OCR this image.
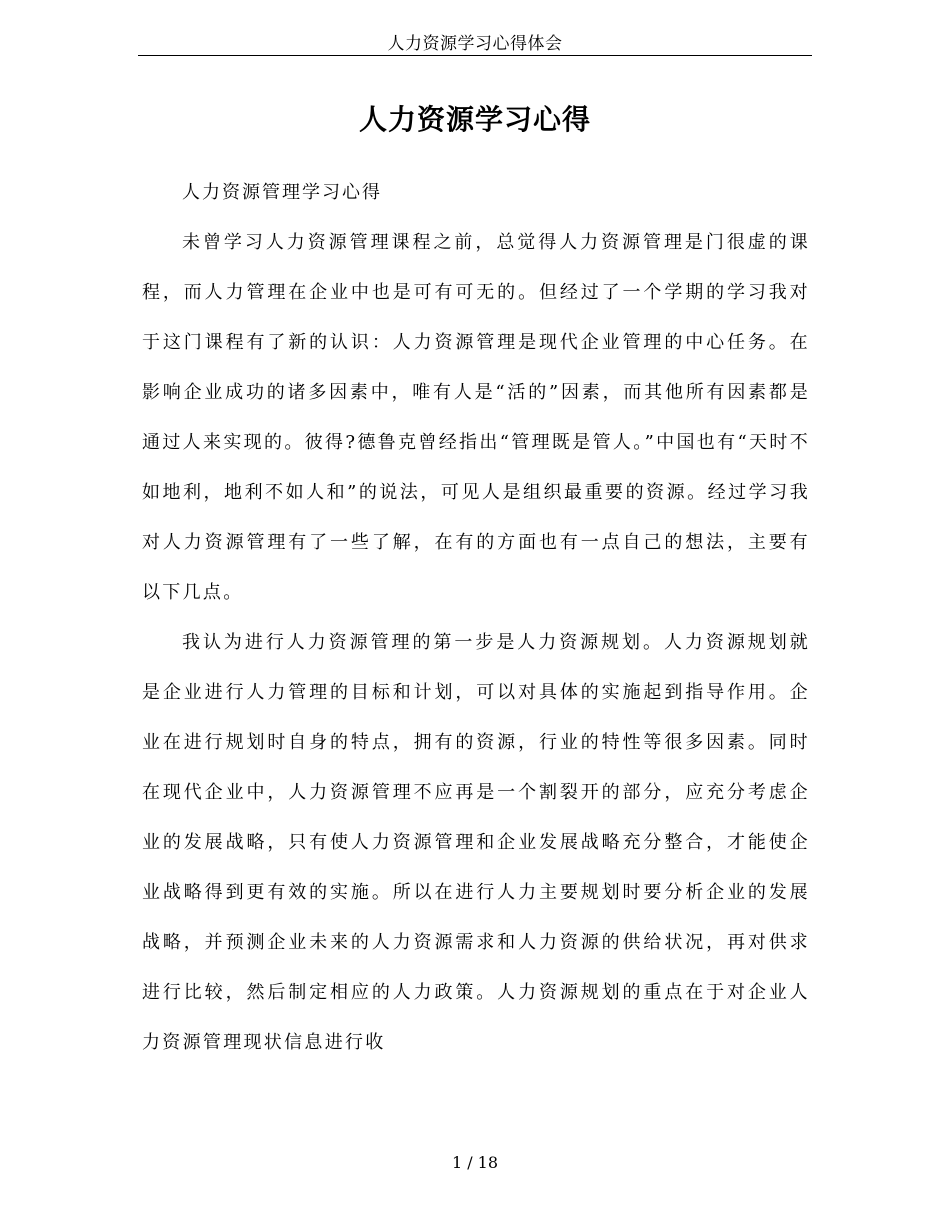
人力资源学习心得体会
人力资源学习心得

人力资源管理学习心得

未曾学习人力资源管理课程之前，总觉得人力资源管理是门很虚的课程，而人力管理在企业中也是可有可无的。但经过了一个学期的学习我对于这门课程有了新的认识：人力资源管理是现代企业管理的中心任务。在影响企业成功的诸多因素中，唯有人是“活的”因素，而其他所有因素都是通过人来实现的。彼得?德鲁克曾经指出“管理既是管人。”中国也有“天时不如地利，地利不如人和”的说法，可见人是组织最重要的资源。经过学习我对人力资源管理有了一些了解，在有的方面也有一点自己的想法，主要有以下几点。

我认为进行人力资源管理的第一步是人力资源规划。人力资源规划就是企业进行人力管理的目标和计划，可以对具体的实施起到指导作用。企业在进行规划时自身的特点，拥有的资源，行业的特性等很多因素。同时在现代企业中，人力资源管理不应再是一个割裂开的部分，应充分考虑企业的发展战略，只有使人力资源管理和企业发展战略充分整合，才能使企业战略得到更有效的实施。所以在进行人力主要规划时要分析企业的发展战略，并预测企业未来的人力资源需求和人力资源的供给状况，再对供求进行比较，然后制定相应的人力政策。人力资源规划的重点在于对企业人力资源管理现状信息进行收

1 / 18
